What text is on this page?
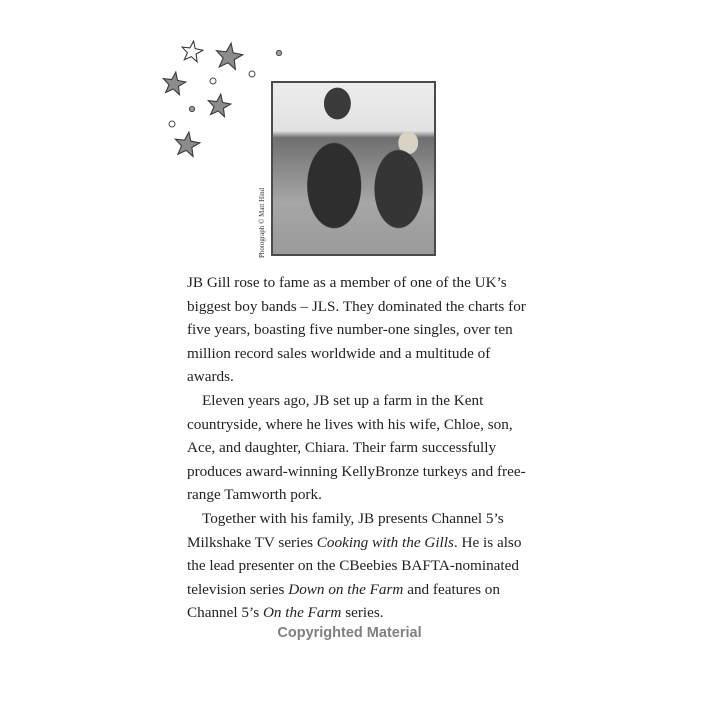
Photograph © Matt Hind

JB Gill rose to fame as a member of one of the UK’s biggest boy bands – JLS. They dominated the charts for five years, boasting five number-one singles, over ten million record sales worldwide and a multitude of awards.

Eleven years ago, JB set up a farm in the Kent countryside, where he lives with his wife, Chloe, son, Ace, and daughter, Chiara. Their farm successfully produces award-winning KellyBronze turkeys and free-range Tamworth pork.

Together with his family, JB presents Channel 5’s Milkshake TV series Cooking with the Gills. He is also the lead presenter on the CBeebies BAFTA-nominated television series Down on the Farm and features on Channel 5’s On the Farm series.

Copyrighted Material
